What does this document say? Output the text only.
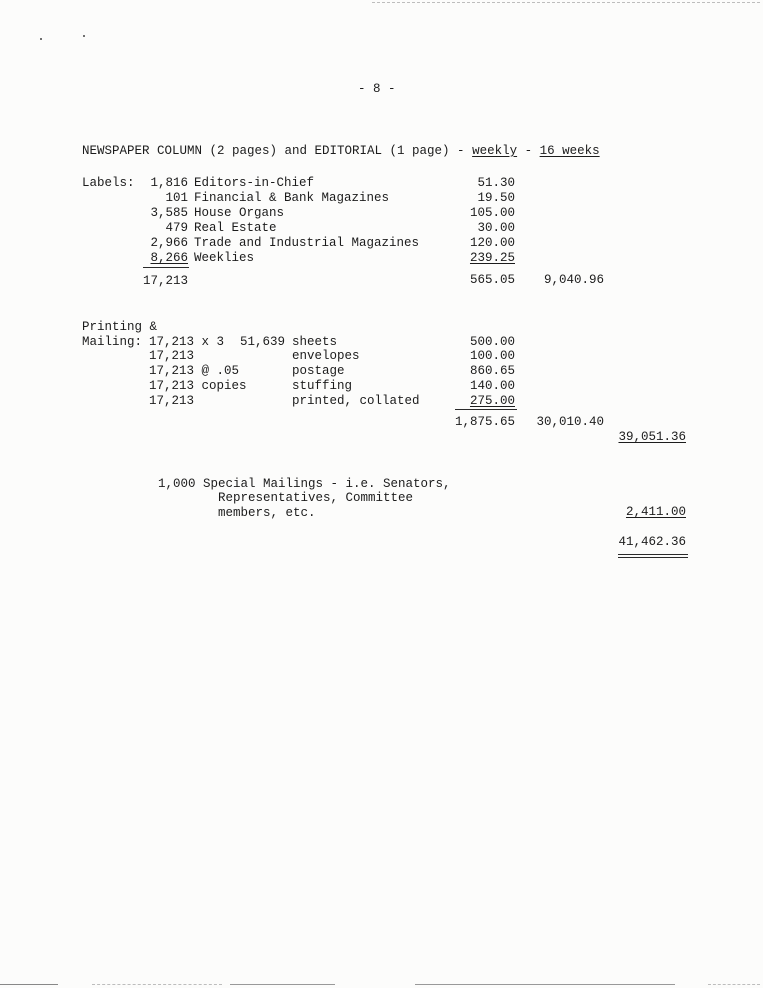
- 8 -
NEWSPAPER COLUMN (2 pages) and EDITORIAL (1 page) - weekly - 16 weeks
Labels:	1,816 Editors-in-Chief	51.30
101 Financial & Bank Magazines	19.50
3,585 House Organs	105.00
479 Real Estate	30.00
2,966 Trade and Industrial Magazines	120.00
8,266 Weeklies	239.25
17,213	565.05	9,040.96
Printing &
Mailing: 17,213 x 3 51,639 sheets	500.00
17,213	envelopes	100.00
17,213 @ .05	postage	860.65
17,213 copies	stuffing	140.00
17,213	printed, collated	275.00
1,875.65	30,010.40
39,051.36
1,000 Special Mailings - i.e. Senators,
Representatives, Committee
members, etc.	2,411.00
41,462.36
